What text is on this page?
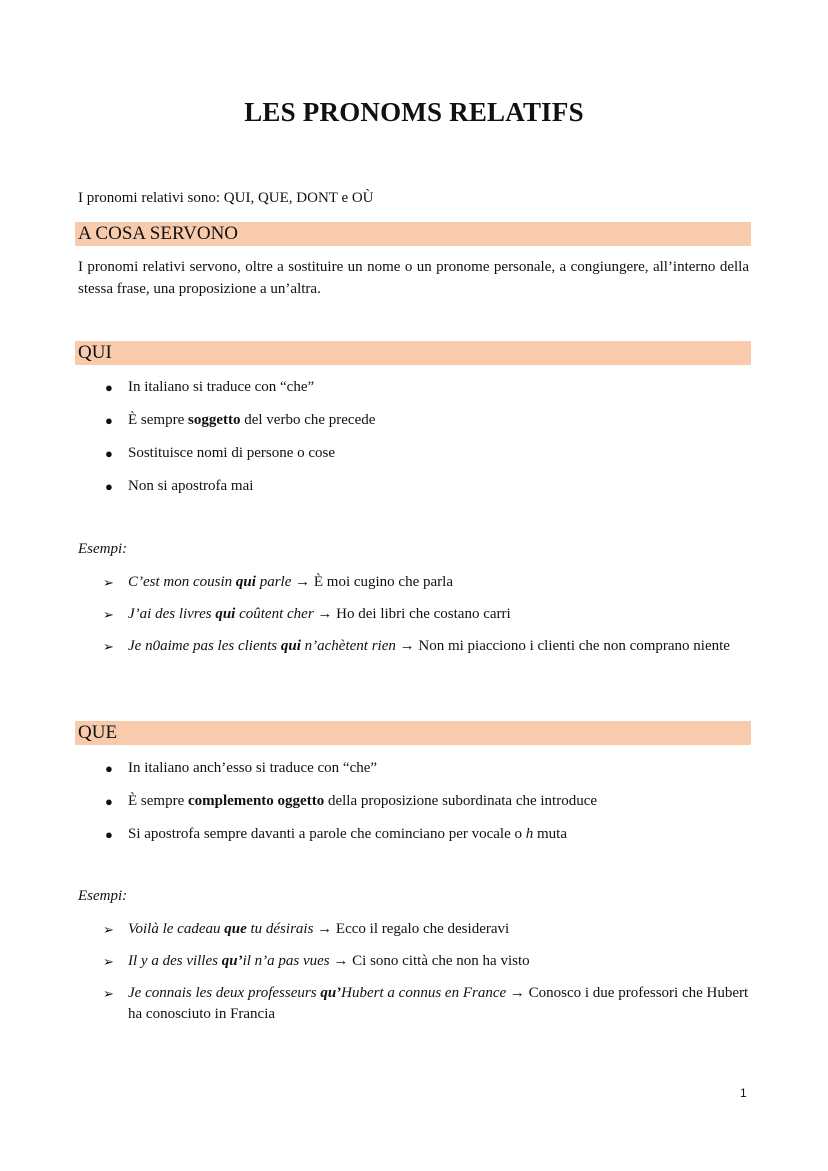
LES PRONOMS RELATIFS
I pronomi relativi sono: QUI, QUE, DONT e OÙ
A COSA SERVONO
I pronomi relativi servono, oltre a sostituire un nome o un pronome personale, a congiungere, all’interno della stessa frase, una proposizione a un’altra.
QUI
● In italiano si traduce con “che”
● È sempre soggetto del verbo che precede
● Sostituisce nomi di persone o cose
● Non si apostrofa mai
Esempi:
➢ C’est mon cousin qui parle → È moi cugino che parla
➢ J’ai des livres qui coûtent cher → Ho dei libri che costano carri
➢ Je n0aime pas les clients qui n’achètent rien → Non mi piacciono i clienti che non comprano niente
QUE
● In italiano anch’esso si traduce con “che”
● È sempre complemento oggetto della proposizione subordinata che introduce
● Si apostrofa sempre davanti a parole che cominciano per vocale o h muta
Esempi:
➢ Voilà le cadeau que tu désirais → Ecco il regalo che desideravi
➢ Il y a des villes qu’il n’a pas vues → Ci sono città che non ha visto
➢ Je connais les deux professeurs qu’Hubert a connus en France → Conosco i due professori che Hubert ha conosciuto in Francia
1
